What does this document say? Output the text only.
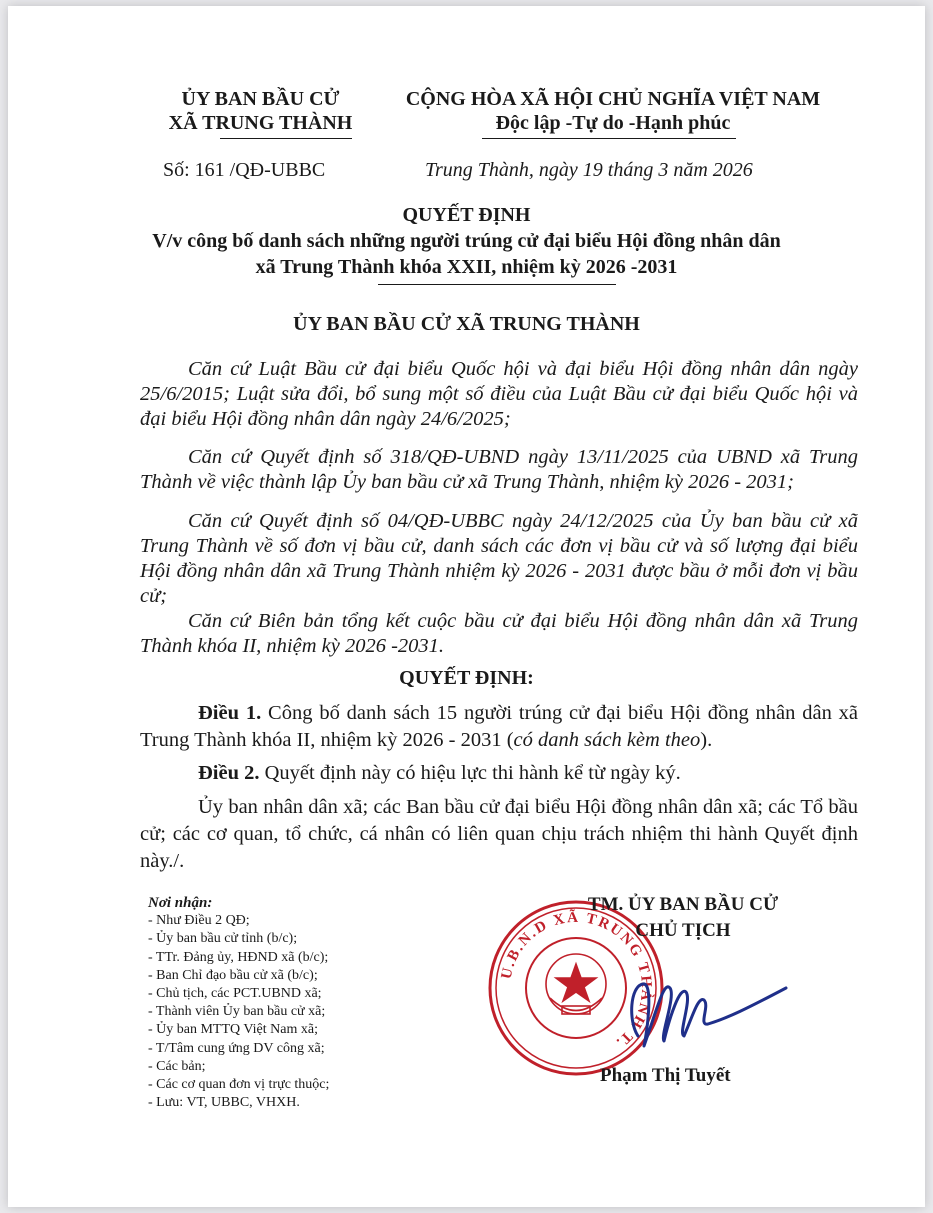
ỦY BAN BẦU CỬ
XÃ TRUNG THÀNH
CỘNG HÒA XÃ HỘI CHỦ NGHĨA VIỆT NAM
Độc lập -Tự do -Hạnh phúc
Số: 161 /QĐ-UBBC	Trung Thành, ngày 19 tháng 3 năm 2026
QUYẾT ĐỊNH
V/v công bố danh sách những người trúng cử đại biểu Hội đồng nhân dân
xã Trung Thành khóa XXII, nhiệm kỳ 2026 -2031
ỦY BAN BẦU CỬ XÃ TRUNG THÀNH
Căn cứ Luật Bầu cử đại biểu Quốc hội và đại biểu Hội đồng nhân dân ngày 25/6/2015; Luật sửa đổi, bổ sung một số điều của Luật Bầu cử đại biểu Quốc hội và đại biểu Hội đồng nhân dân ngày 24/6/2025;
Căn cứ Quyết định số 318/QĐ-UBND ngày 13/11/2025 của UBND xã Trung Thành về việc thành lập Ủy ban bầu cử xã Trung Thành, nhiệm kỳ 2026 - 2031;
Căn cứ Quyết định số 04/QĐ-UBBC ngày 24/12/2025 của Ủy ban bầu cử xã Trung Thành về số đơn vị bầu cử, danh sách các đơn vị bầu cử và số lượng đại biểu Hội đồng nhân dân xã Trung Thành nhiệm kỳ 2026 - 2031 được bầu ở mỗi đơn vị bầu cử;
Căn cứ Biên bản tổng kết cuộc bầu cử đại biểu Hội đồng nhân dân xã Trung Thành khóa II, nhiệm kỳ 2026 -2031.
QUYẾT ĐỊNH:
Điều 1. Công bố danh sách 15 người trúng cử đại biểu Hội đồng nhân dân xã Trung Thành khóa II, nhiệm kỳ 2026 - 2031 (có danh sách kèm theo).
Điều 2. Quyết định này có hiệu lực thi hành kể từ ngày ký.
Ủy ban nhân dân xã; các Ban bầu cử đại biểu Hội đồng nhân dân xã; các Tổ bầu cử; các cơ quan, tổ chức, cá nhân có liên quan chịu trách nhiệm thi hành Quyết định này./.
Nơi nhận:
- Như Điều 2 QĐ;
- Ủy ban bầu cử tỉnh (b/c);
- TTr. Đảng ủy, HĐND xã (b/c);
- Ban Chỉ đạo bầu cử xã (b/c);
- Chủ tịch, các PCT.UBND xã;
- Thành viên Ủy ban bầu cử xã;
- Ủy ban MTTQ Việt Nam xã;
- T/Tâm cung ứng DV công xã;
- Các bản;
- Các cơ quan đơn vị trực thuộc;
- Lưu: VT, UBBC, VHXH.
U.B.N.D XÃ TRUNG THÀNH T.
TM. ỦY BAN BẦU CỬ
CHỦ TỊCH
Phạm Thị Tuyết
